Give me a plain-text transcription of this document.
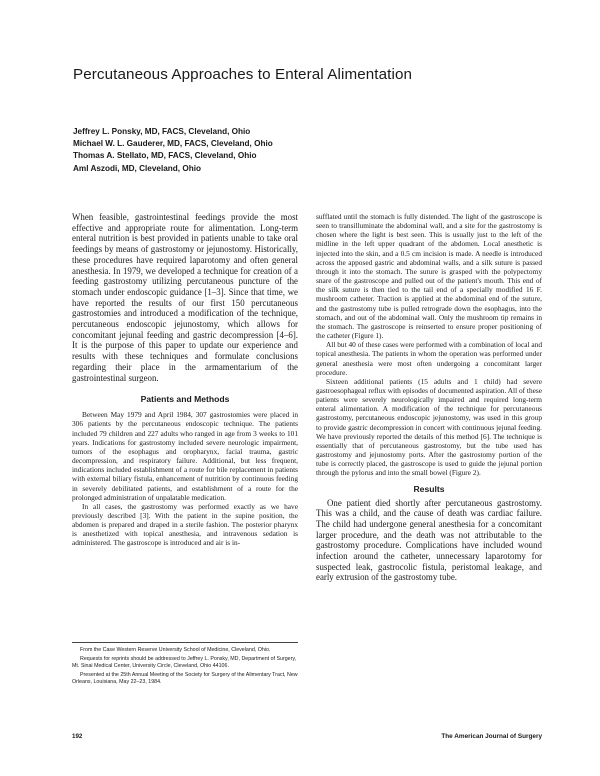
Percutaneous Approaches to Enteral Alimentation
Jeffrey L. Ponsky, MD, FACS, Cleveland, Ohio
Michael W. L. Gauderer, MD, FACS, Cleveland, Ohio
Thomas A. Stellato, MD, FACS, Cleveland, Ohio
Aml Aszodi, MD, Cleveland, Ohio

When feasible, gastrointestinal feedings provide the most effective and appropriate route for alimentation. Long-term enteral nutrition is best provided in patients unable to take oral feedings by means of gastrostomy or jejunostomy. Historically, these procedures have required laparotomy and often general anesthesia. In 1979, we developed a technique for creation of a feeding gastrostomy utilizing percutaneous puncture of the stomach under endoscopic guidance [1–3]. Since that time, we have reported the results of our first 150 percutaneous gastrostomies and introduced a modification of the technique, percutaneous endoscopic jejunostomy, which allows for concomitant jejunal feeding and gastric decompression [4–6]. It is the purpose of this paper to update our experience and results with these techniques and formulate conclusions regarding their place in the armamentarium of the gastrointestinal surgeon.

Patients and Methods

Between May 1979 and April 1984, 307 gastrostomies were placed in 306 patients by the percutaneous endoscopic technique. The patients included 79 children and 227 adults who ranged in age from 3 weeks to 101 years. Indications for gastrostomy included severe neurologic impairment, tumors of the esophagus and oropharynx, facial trauma, gastric decompression, and respiratory failure. Additional, but less frequent, indications included establishment of a route for bile replacement in patients with external biliary fistula, enhancement of nutrition by continuous feeding in severely debilitated patients, and establishment of a route for the prolonged administration of unpalatable medication.

In all cases, the gastrostomy was performed exactly as we have previously described [3]. With the patient in the supine position, the abdomen is prepared and draped in a sterile fashion. The posterior pharynx is anesthetized with topical anesthesia, and intravenous sedation is administered. The gastroscope is introduced and air is in-

From the Case Western Reserve University School of Medicine, Cleveland, Ohio.

Requests for reprints should be addressed to Jeffrey L. Ponsky, MD, Department of Surgery, Mt. Sinai Medical Center, University Circle, Cleveland, Ohio 44106.

Presented at the 25th Annual Meeting of the Society for Surgery of the Alimentary Tract, New Orleans, Louisiana, May 22–23, 1984.

sufflated until the stomach is fully distended. The light of the gastroscope is seen to transilluminate the abdominal wall, and a site for the gastrostomy is chosen where the light is best seen. This is usually just to the left of the midline in the left upper quadrant of the abdomen. Local anesthetic is injected into the skin, and a 0.5 cm incision is made. A needle is introduced across the apposed gastric and abdominal walls, and a silk suture is passed through it into the stomach. The suture is grasped with the polypectomy snare of the gastroscope and pulled out of the patient's mouth. This end of the silk suture is then tied to the tail end of a specially modified 16 F. mushroom catheter. Traction is applied at the abdominal end of the suture, and the gastrostomy tube is pulled retrograde down the esophagus, into the stomach, and out of the abdominal wall. Only the mushroom tip remains in the stomach. The gastroscope is reinserted to ensure proper positioning of the catheter (Figure 1).

All but 40 of these cases were performed with a combination of local and topical anesthesia. The patients in whom the operation was performed under general anesthesia were most often undergoing a concomitant larger procedure.

Sixteen additional patients (15 adults and 1 child) had severe gastroesophageal reflux with episodes of documented aspiration. All of these patients were severely neurologically impaired and required long-term enteral alimentation. A modification of the technique for percutaneous gastrostomy, percutaneous endoscopic jejunostomy, was used in this group to provide gastric decompression in concert with continuous jejunal feeding. We have previously reported the details of this method [6]. The technique is essentially that of percutaneous gastrostomy, but the tube used has gastrostomy and jejunostomy ports. After the gastrostomy portion of the tube is correctly placed, the gastroscope is used to guide the jejunal portion through the pylorus and into the small bowel (Figure 2).

Results

One patient died shortly after percutaneous gastrostomy. This was a child, and the cause of death was cardiac failure. The child had undergone general anesthesia for a concomitant larger procedure, and the death was not attributable to the gastrostomy procedure. Complications have included wound infection around the catheter, unnecessary laparotomy for suspected leak, gastrocolic fistula, peristomal leakage, and early extrusion of the gastrostomy tube.

192	The American Journal of Surgery
